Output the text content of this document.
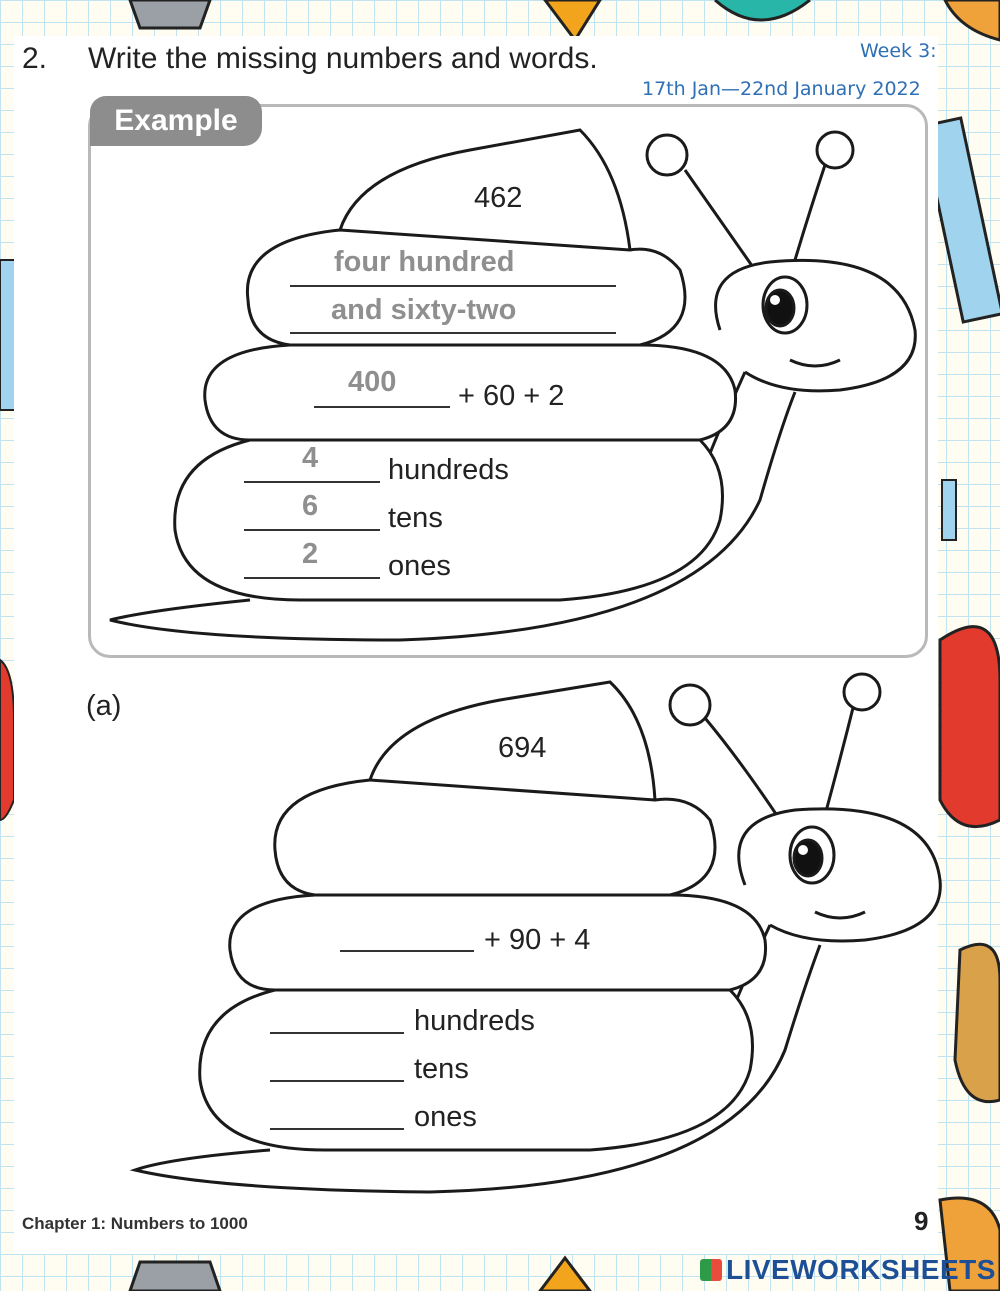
2. Write the missing numbers and words.	Week 3:
17th Jan—22nd January 2022
Example
462
four hundred
and sixty-two
400 + 60 + 2
4 hundreds
6 tens
2 ones
(a)
694
+ 90 + 4
hundreds
tens
ones
Chapter 1: Numbers to 1000	9
LIVEWORKSHEETS
